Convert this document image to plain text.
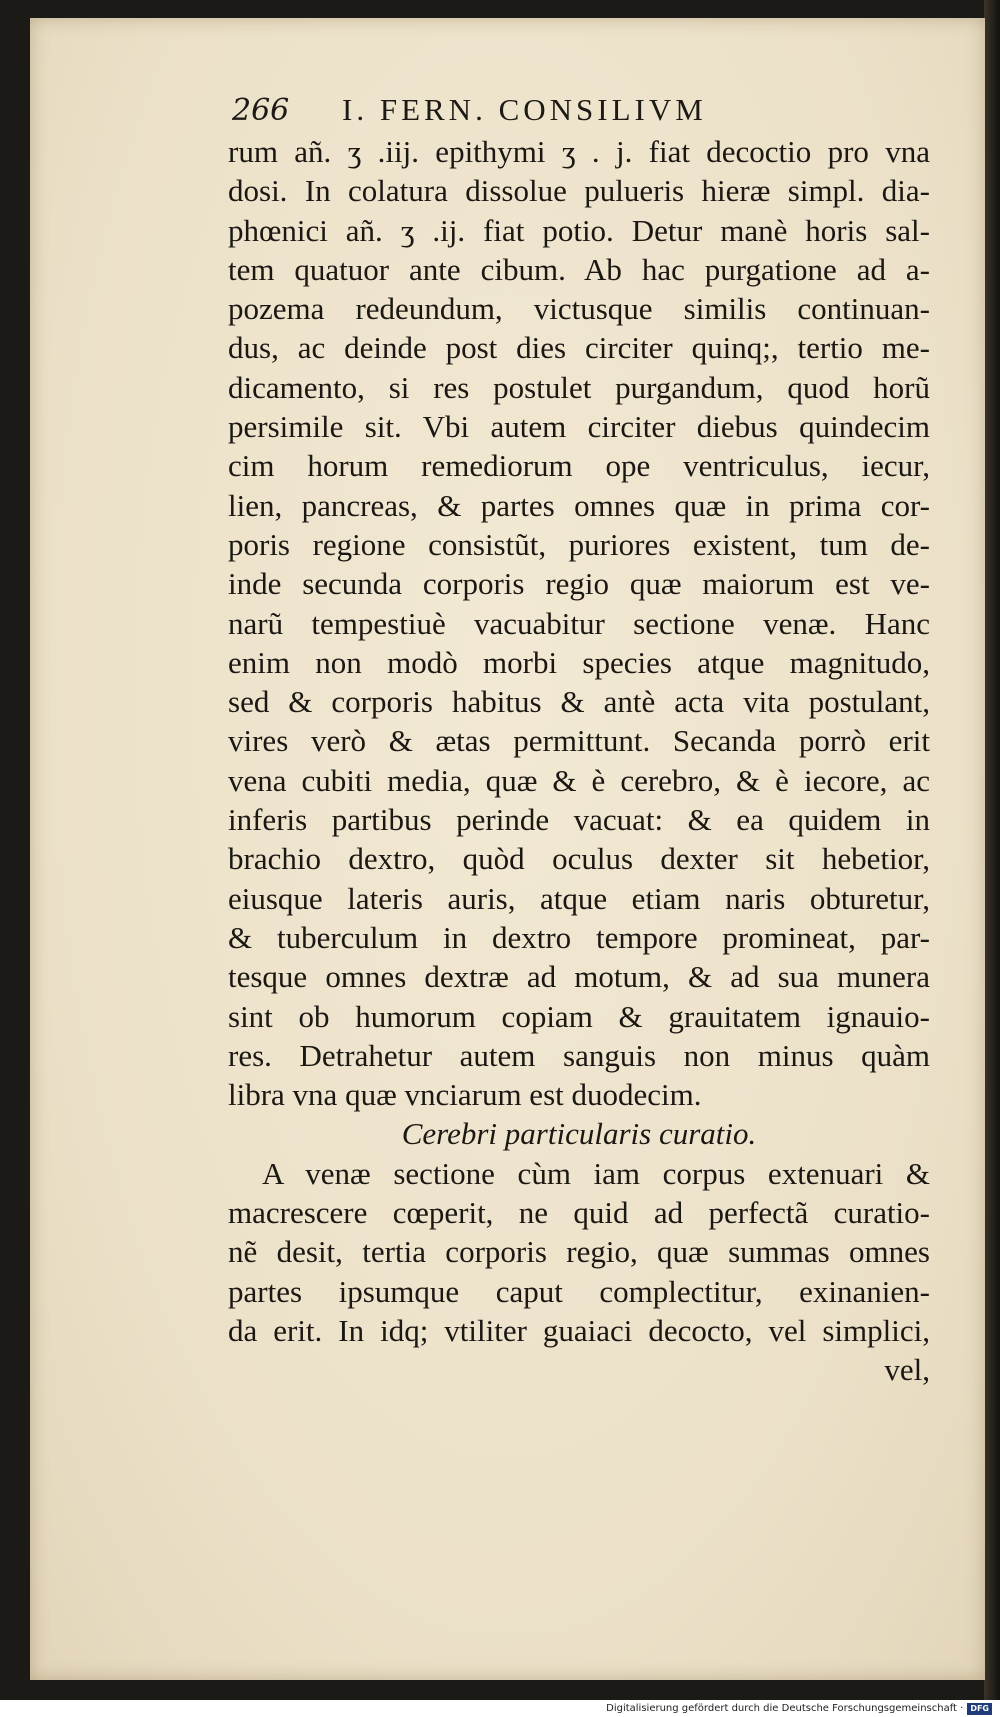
266	I. FERN. CONSILIVM
rum añ. ʒ .iij. epithymi ʒ . j. fiat decoctio pro vna
dosi. In colatura dissolue pulueris hieræ simpl. dia-
phœnici añ. ʒ .ij. fiat potio. Detur manè horis sal-
tem quatuor ante cibum. Ab hac purgatione ad a-
pozema redeundum, victusque similis continuan-
dus, ac deinde post dies circiter quinq;, tertio me-
dicamento, si res postulet purgandum, quod horũ
persimile sit. Vbi autem circiter diebus quindecim
cim horum remediorum ope ventriculus, iecur,
lien, pancreas, & partes omnes quæ in prima cor-
poris regione consistũt, puriores existent, tum de-
inde secunda corporis regio quæ maiorum est ve-
narũ tempestiuè vacuabitur sectione venæ. Hanc
enim non modò morbi species atque magnitudo,
sed & corporis habitus & antè acta vita postulant,
vires verò & ætas permittunt. Secanda porrò erit
vena cubiti media, quæ & è cerebro, & è iecore, ac
inferis partibus perinde vacuat: & ea quidem in
brachio dextro, quòd oculus dexter sit hebetior,
eiusque lateris auris, atque etiam naris obturetur,
& tuberculum in dextro tempore promineat, par-
tesque omnes dextræ ad motum, & ad sua munera
sint ob humorum copiam & grauitatem ignauio-
res. Detrahetur autem sanguis non minus quàm
libra vna quæ vnciarum est duodecim.
Cerebri particularis curatio.
A venæ sectione cùm iam corpus extenuari &
macrescere cœperit, ne quid ad perfectã curatio-
nẽ desit, tertia corporis regio, quæ summas omnes
partes ipsumque caput complectitur, exinanien-
da erit. In idq; vtiliter guaiaci decocto, vel simplici,
vel,
Digitalisierung gefördert durch die Deutsche Forschungsgemeinschaft · DFG
